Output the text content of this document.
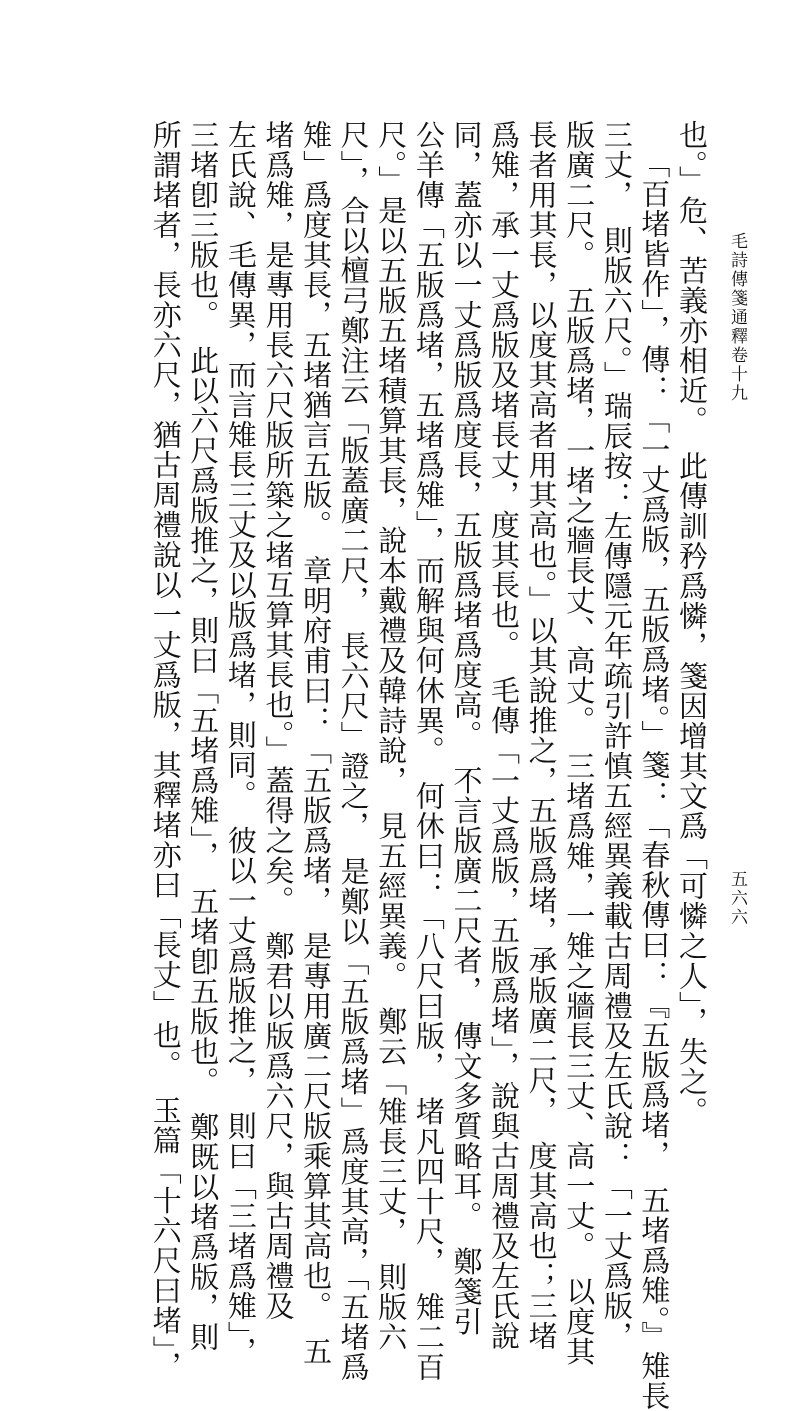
毛詩傳箋通釋卷十九
五六六
也。」危、苦義亦相近。　此傳訓矜爲憐，箋因增其文爲「可憐之人」，失之。
「百堵皆作」，傳：「一丈爲版，五版爲堵。」箋：「春秋傳曰：『五版爲堵，　五堵爲雉。』雉長
三丈，　則版六尺。」瑞辰按：左傳隱元年疏引許慎五經異義載古周禮及左氏說：「一丈爲版，
版廣二尺。　五版爲堵，一堵之牆長丈、高丈。　三堵爲雉，一雉之牆長三丈、高一丈。　以度其
長者用其長，以度其高者用其高也。」以其說推之，五版爲堵，承版廣二尺，　度其高也；三堵
爲雉，承一丈爲版及堵長丈，度其長也。　毛傳「一丈爲版，五版爲堵」，說與古周禮及左氏說
同，蓋亦以一丈爲版爲度長，五版爲堵爲度高。　不言版廣二尺者，　傳文多質略耳。　鄭箋引
公羊傳「五版爲堵，五堵爲雉」，而解與何休異。　何休曰：「八尺曰版，　堵凡四十尺，　雉二百
尺。」是以五版五堵積算其長，說本戴禮及韓詩說，　見五經異義。　鄭云「雉長三丈，　則版六
尺」，合以檀弓鄭注云「版蓋廣二尺，　長六尺」證之，　是鄭以「五版爲堵」爲度其高，「五堵爲
雉」爲度其長，五堵猶言五版。　章明府甫曰：「五版爲堵，　是專用廣二尺版乘算其高也。　五
堵爲雉，是專用長六尺版所築之堵互算其長也。」蓋得之矣。　鄭君以版爲六尺，與古周禮及
左氏說、毛傳異，而言雉長三丈及以版爲堵，則同。　彼以一丈爲版推之，　則曰「三堵爲雉」，
三堵卽三版也。　此以六尺爲版推之，則曰「五堵爲雉」，　五堵卽五版也。　鄭既以堵爲版，則
所謂堵者，長亦六尺，猶古周禮說以一丈爲版，其釋堵亦曰「長丈」也。　玉篇「十六尺曰堵」，
